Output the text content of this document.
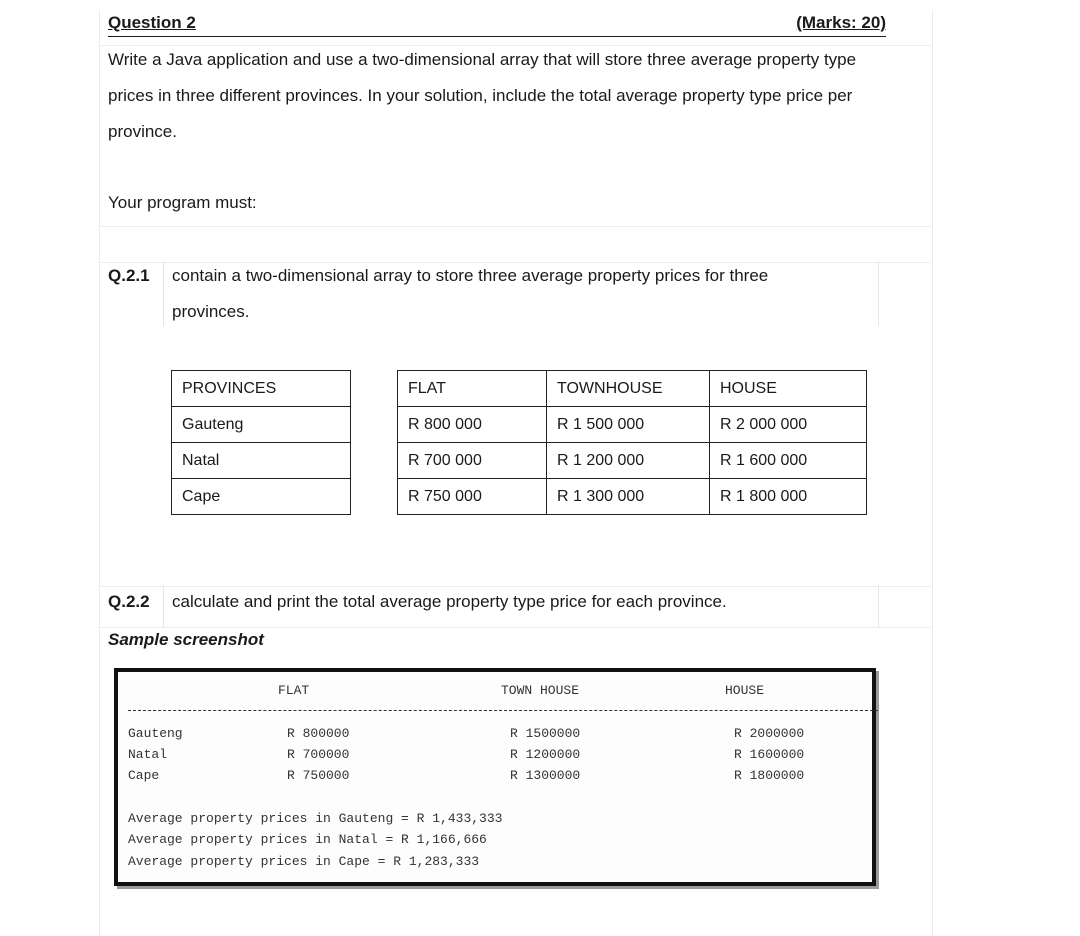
Question 2	(Marks: 20)
Write a Java application and use a two-dimensional array that will store three average property type
prices in three different provinces. In your solution, include the total average property type price per
province.
Your program must:
Q.2.1 contain a two-dimensional array to store three average property prices for three
provinces.
PROVINCES		FLAT	TOWNHOUSE	HOUSE
Gauteng		R 800 000	R 1 500 000	R 2 000 000
Natal		R 700 000	R 1 200 000	R 1 600 000
Cape		R 750 000	R 1 300 000	R 1 800 000
Q.2.2 calculate and print the total average property type price for each province.
Sample screenshot
FLAT	TOWN HOUSE	HOUSE
Gauteng	R 800000	R 1500000	R 2000000
Natal	R 700000	R 1200000	R 1600000
Cape	R 750000	R 1300000	R 1800000
Average property prices in Gauteng = R 1,433,333
Average property prices in Natal = R 1,166,666
Average property prices in Cape = R 1,283,333
